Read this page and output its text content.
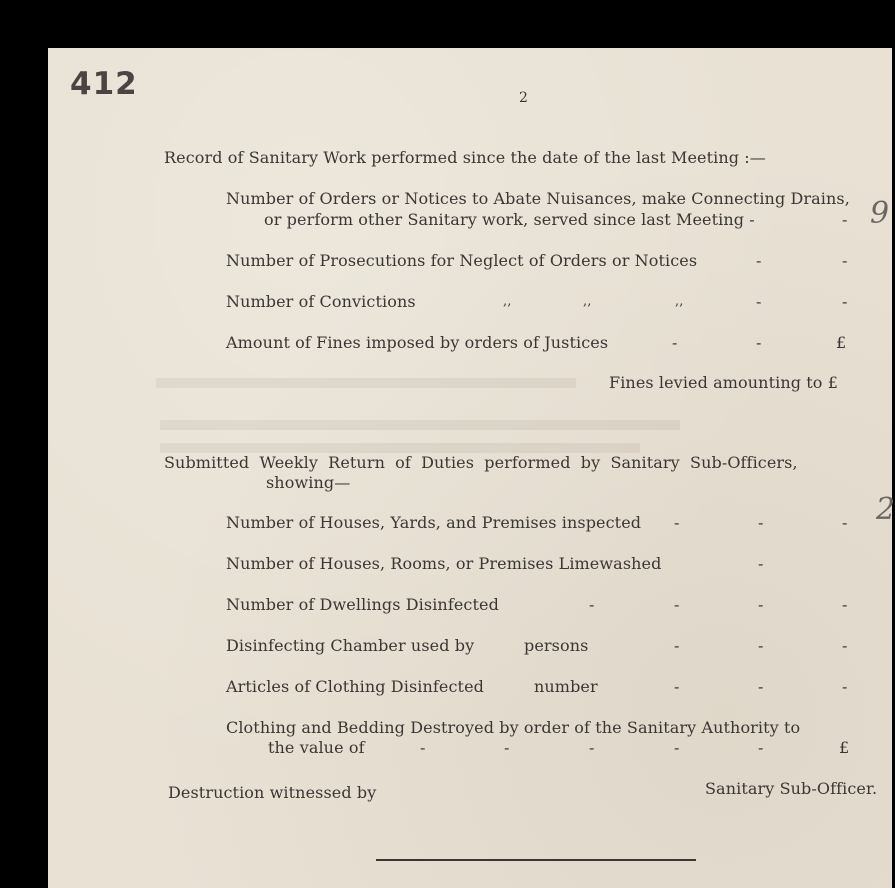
412	2
Record of Sanitary Work performed since the date of the last Meeting :—
Number of Orders or Notices to Abate Nuisances, make Connecting Drains,
or perform other Sanitary work, served since last Meeting -	- 9
Number of Prosecutions for Neglect of Orders or Notices	-	-
Number of Convictions	,,	,,	,,	-	-
Amount of Fines imposed by orders of Justices	-	-	£
Fines levied amounting to £
Submitted Weekly Return of Duties performed by Sanitary Sub-Officers,
showing—
Number of Houses, Yards, and Premises inspected -	-	- 2
Number of Houses, Rooms, or Premises Limewashed	-
Number of Dwellings Disinfected	-	-	-	-
Disinfecting Chamber used by	persons	-	-	-
Articles of Clothing Disinfected	number	-	-	-
Clothing and Bedding Destroyed by order of the Sanitary Authority to
the value of	-	-	-	-	-	£
Destruction witnessed by	Sanitary Sub-Officer.
